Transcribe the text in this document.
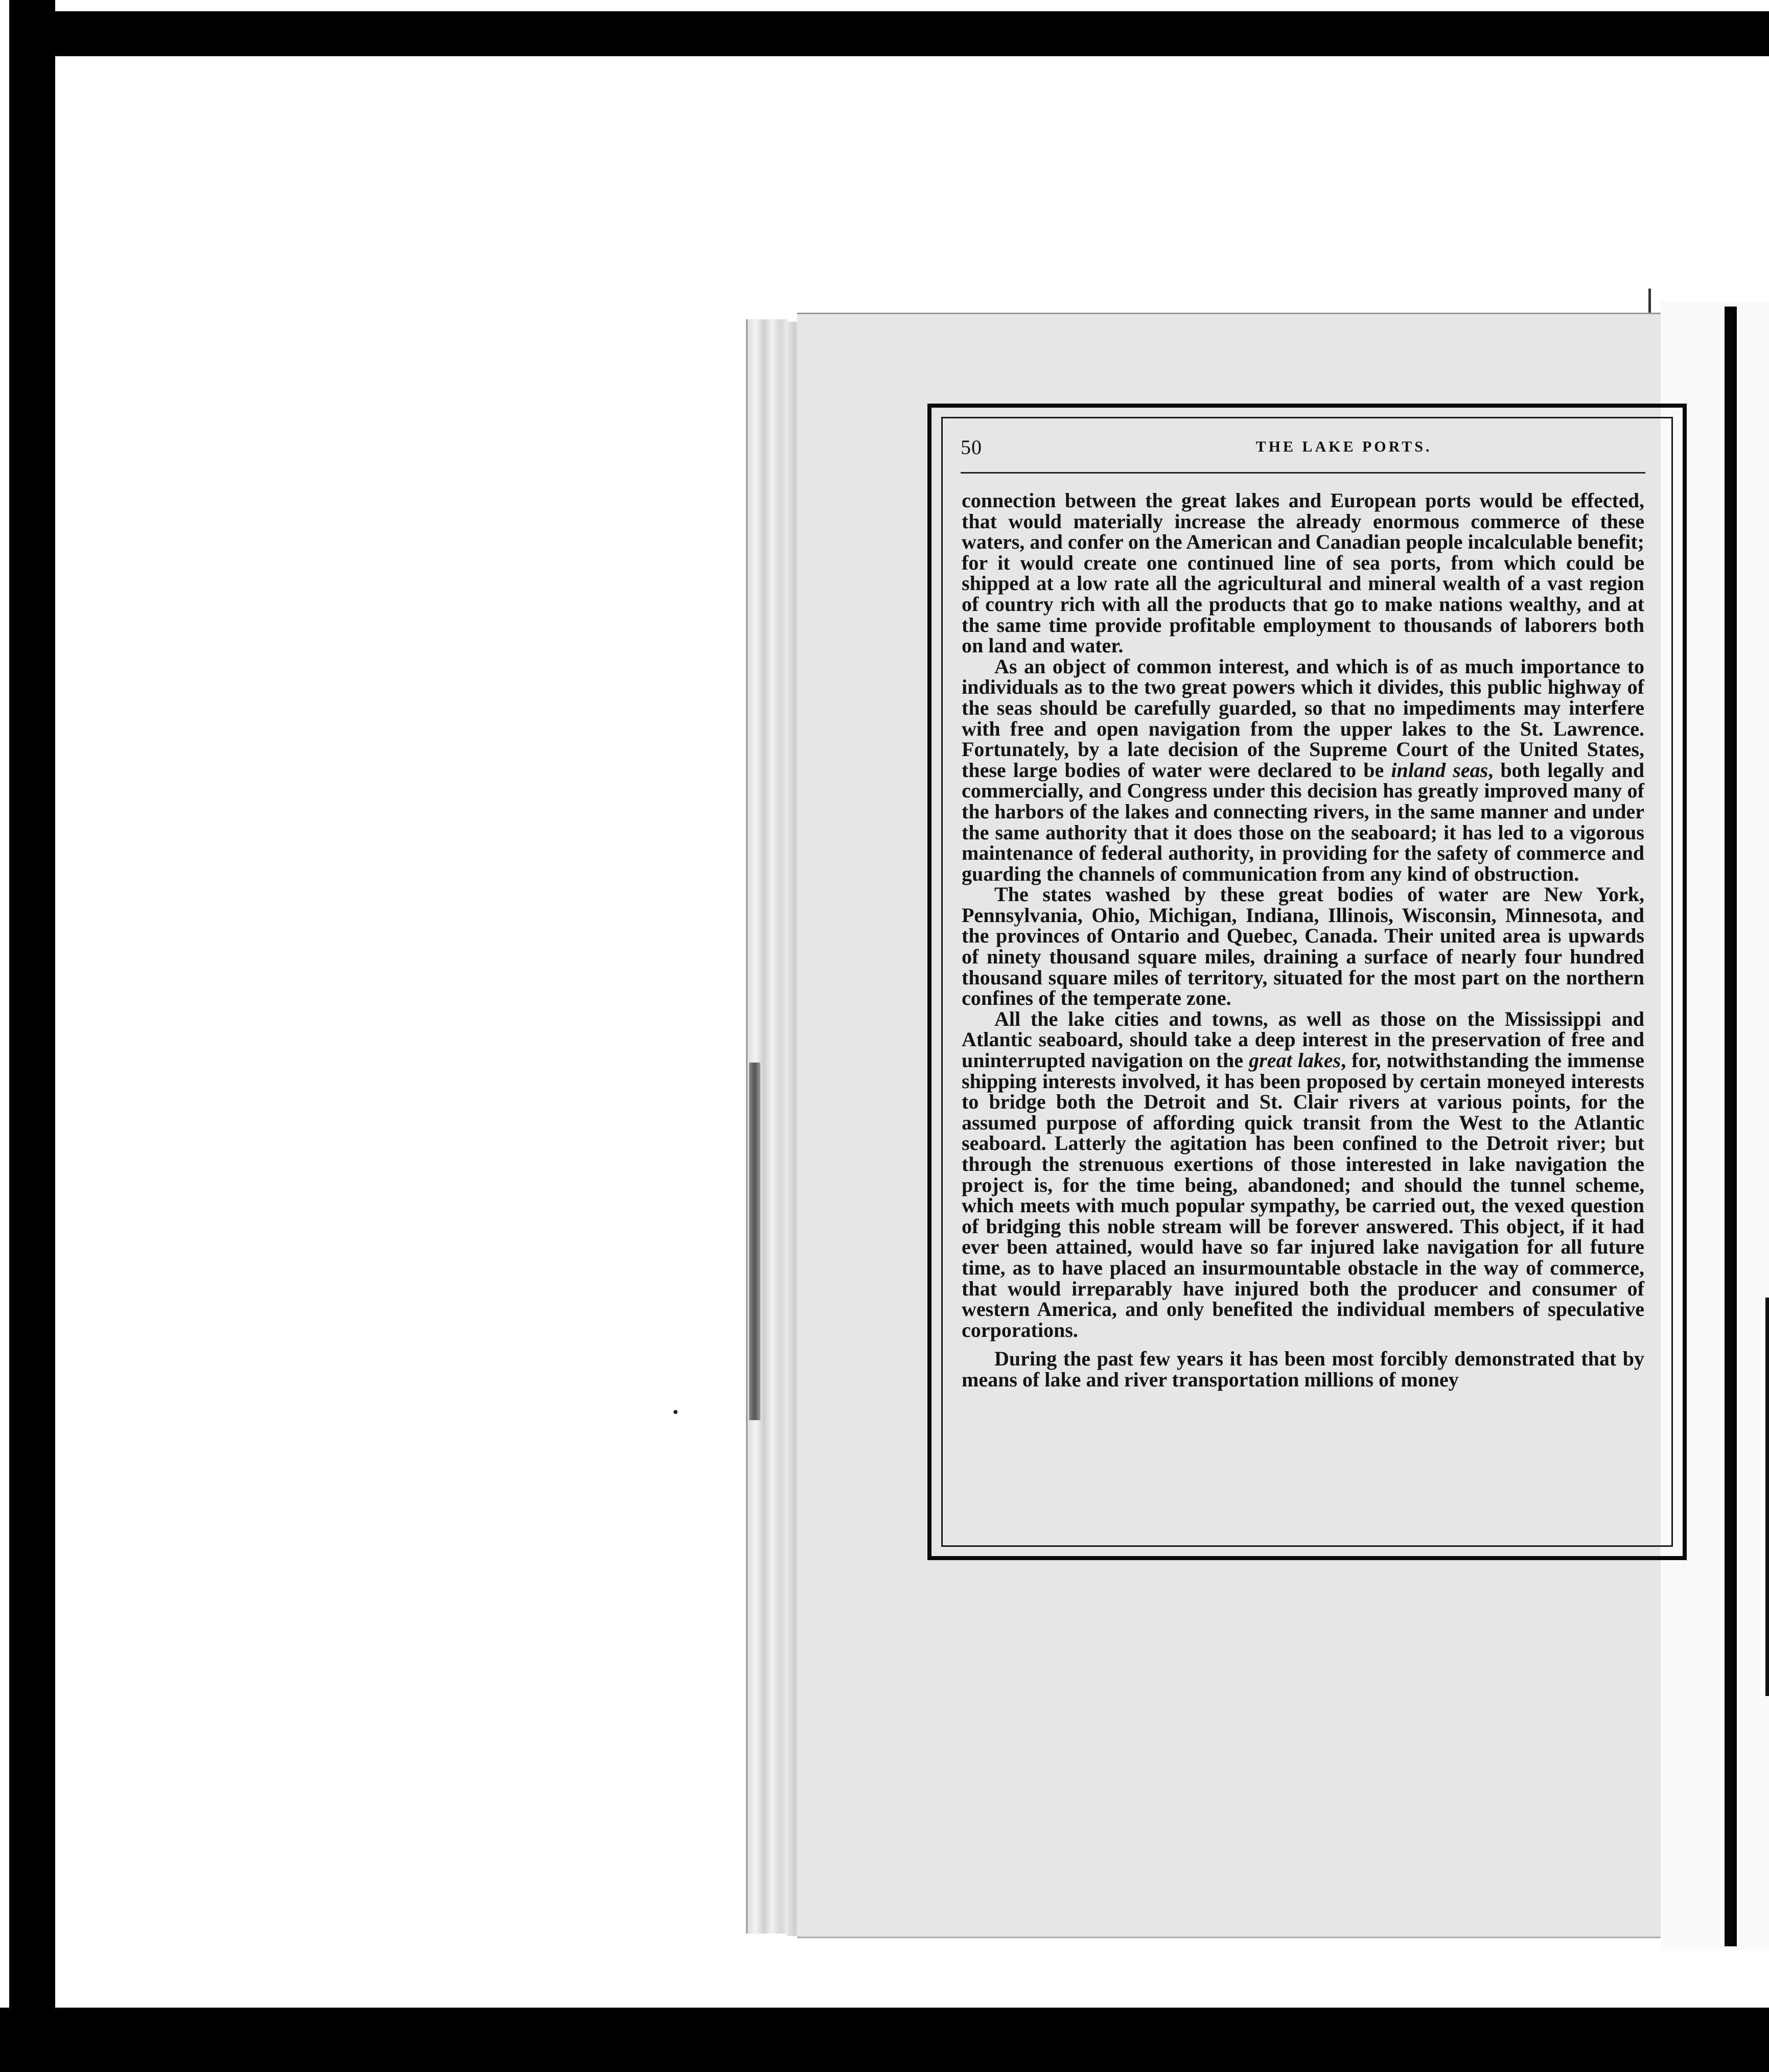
50	THE LAKE PORTS.

connection between the great lakes and European ports would be effected, that would materially increase the already enormous commerce of these waters, and confer on the American and Canadian people incalculable benefit; for it would create one continued line of sea ports, from which could be shipped at a low rate all the agricultural and mineral wealth of a vast region of country rich with all the products that go to make nations wealthy, and at the same time provide profitable employment to thousands of laborers both on land and water.

As an object of common interest, and which is of as much importance to individuals as to the two great powers which it divides, this public highway of the seas should be carefully guarded, so that no impediments may interfere with free and open navigation from the upper lakes to the St. Lawrence. Fortunately, by a late decision of the Supreme Court of the United States, these large bodies of water were declared to be inland seas, both legally and commercially, and Congress under this decision has greatly improved many of the harbors of the lakes and connecting rivers, in the same manner and under the same authority that it does those on the seaboard; it has led to a vigorous maintenance of federal authority, in providing for the safety of commerce and guarding the channels of communication from any kind of obstruction.

The states washed by these great bodies of water are New York, Pennsylvania, Ohio, Michigan, Indiana, Illinois, Wisconsin, Minnesota, and the provinces of Ontario and Quebec, Canada. Their united area is upwards of ninety thousand square miles, draining a surface of nearly four hundred thousand square miles of territory, situated for the most part on the northern confines of the temperate zone.

All the lake cities and towns, as well as those on the Mississippi and Atlantic seaboard, should take a deep interest in the preservation of free and uninterrupted navigation on the great lakes, for, notwithstanding the immense shipping interests involved, it has been proposed by certain moneyed interests to bridge both the Detroit and St. Clair rivers at various points, for the assumed purpose of affording quick transit from the West to the Atlantic seaboard. Latterly the agitation has been confined to the Detroit river; but through the strenuous exertions of those interested in lake navigation the project is, for the time being, abandoned; and should the tunnel scheme, which meets with much popular sympathy, be carried out, the vexed question of bridging this noble stream will be forever answered. This object, if it had ever been attained, would have so far injured lake navigation for all future time, as to have placed an insurmountable obstacle in the way of commerce, that would irreparably have injured both the producer and consumer of western America, and only benefited the individual members of speculative corporations.

During the past few years it has been most forcibly demonstrated that by means of lake and river transportation millions of money
